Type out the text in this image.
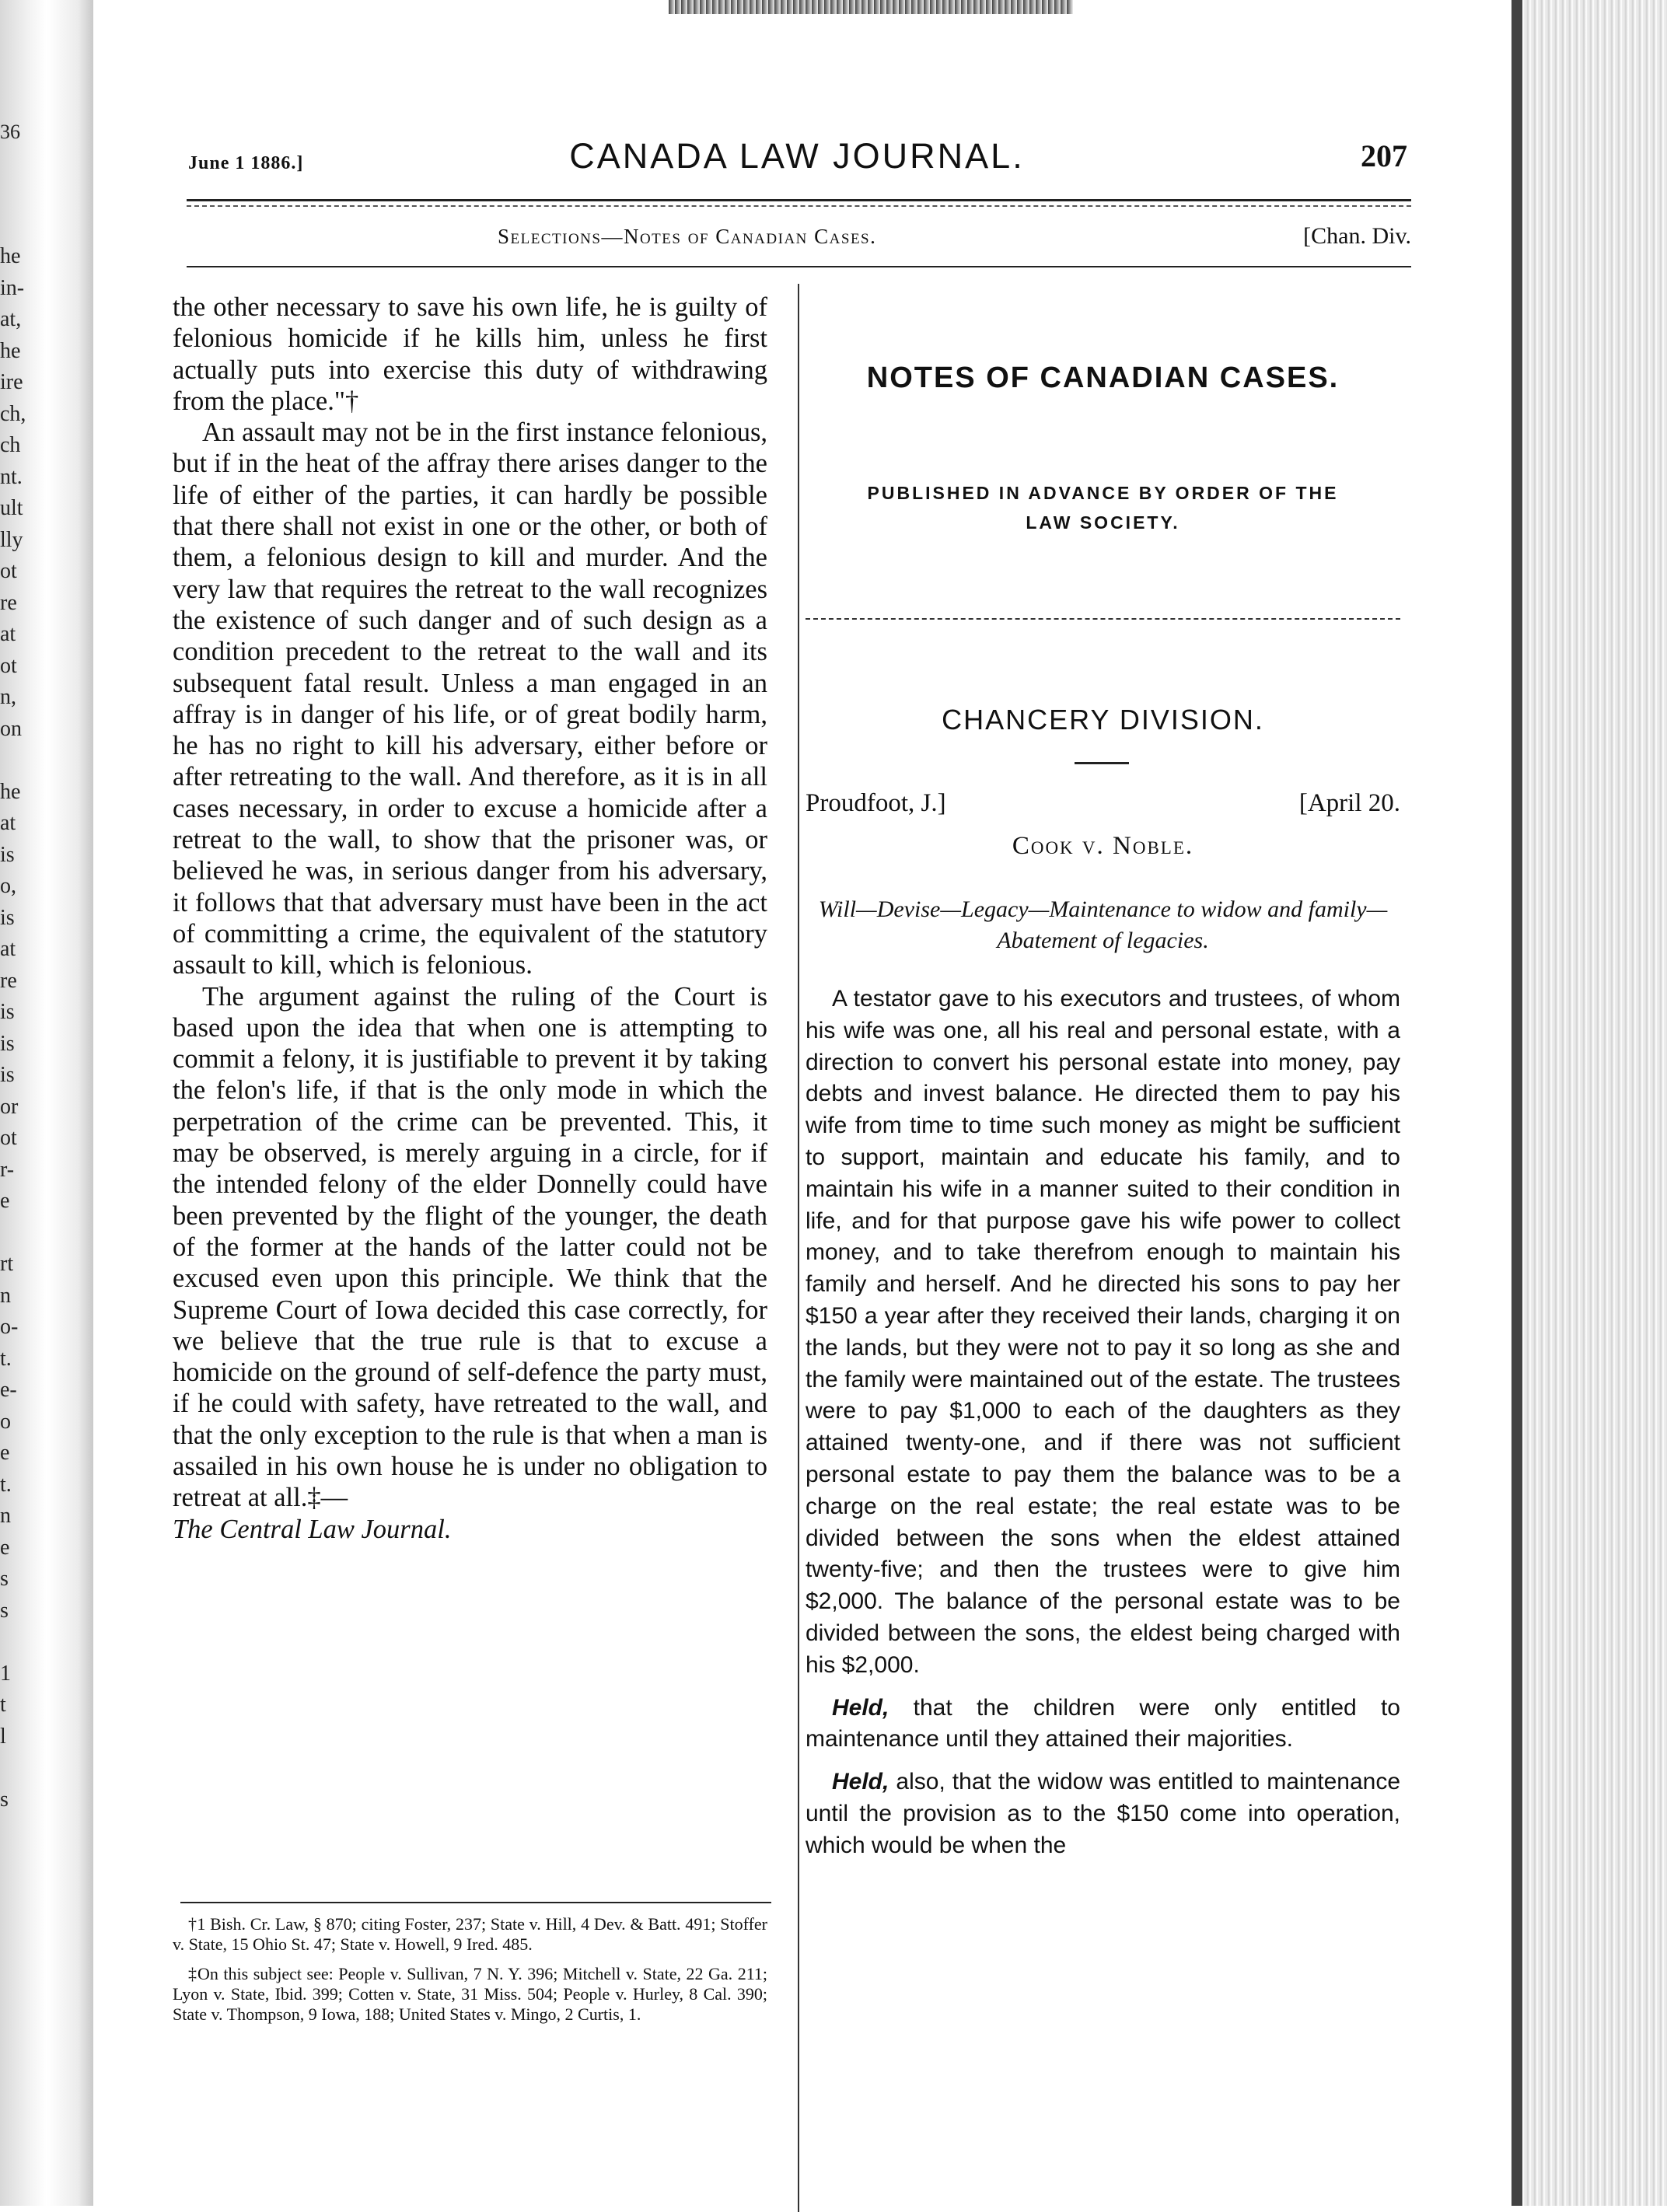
36
he
in-
at,
he
ire
ch,
ch
nt.
ult
lly
ot
re
at
ot
n,
on
he
at
is
o,
is
at
re
is
is
is
or
ot
r-
e
rt
n
o-
t.
e-
o
e
t.
n
e
s
s
1
t
l
s
June 1 1886.]	CANADA LAW JOURNAL.	207
Selections—Notes of Canadian Cases.	[Chan. Div.

the other necessary to save his own life, he is guilty of felonious homicide if he kills him, unless he first actually puts into exercise this duty of withdrawing from the place."†

An assault may not be in the first instance felonious, but if in the heat of the affray there arises danger to the life of either of the parties, it can hardly be possible that there shall not exist in one or the other, or both of them, a felonious design to kill and murder. And the very law that requires the retreat to the wall recognizes the existence of such danger and of such design as a condition precedent to the retreat to the wall and its subsequent fatal result. Unless a man engaged in an affray is in danger of his life, or of great bodily harm, he has no right to kill his adversary, either before or after retreating to the wall. And therefore, as it is in all cases necessary, in order to excuse a homicide after a retreat to the wall, to show that the prisoner was, or believed he was, in serious danger from his adversary, it follows that that adversary must have been in the act of committing a crime, the equivalent of the statutory assault to kill, which is felonious.

The argument against the ruling of the Court is based upon the idea that when one is attempting to commit a felony, it is justifiable to prevent it by taking the felon's life, if that is the only mode in which the perpetration of the crime can be prevented. This, it may be observed, is merely arguing in a circle, for if the intended felony of the elder Donnelly could have been prevented by the flight of the younger, the death of the former at the hands of the latter could not be excused even upon this principle. We think that the Supreme Court of Iowa decided this case correctly, for we believe that the true rule is that to excuse a homicide on the ground of self-defence the party must, if he could with safety, have retreated to the wall, and that the only exception to the rule is that when a man is assailed in his own house he is under no obligation to retreat at all.‡—

The Central Law Journal.

†1 Bish. Cr. Law, § 870; citing Foster, 237; State v. Hill, 4 Dev. & Batt. 491; Stoffer v. State, 15 Ohio St. 47; State v. Howell, 9 Ired. 485.

‡On this subject see: People v. Sullivan, 7 N. Y. 396; Mitchell v. State, 22 Ga. 211; Lyon v. State, Ibid. 399; Cotten v. State, 31 Miss. 504; People v. Hurley, 8 Cal. 390; State v. Thompson, 9 Iowa, 188; United States v. Mingo, 2 Curtis, 1.

NOTES OF CANADIAN CASES.
PUBLISHED IN ADVANCE BY ORDER OF THE
LAW SOCIETY.
CHANCERY DIVISION.
Proudfoot, J.]	[April 20.
Cook v. Noble.
Will—Devise—Legacy—Maintenance to widow and family—Abatement of legacies.

A testator gave to his executors and trustees, of whom his wife was one, all his real and personal estate, with a direction to convert his personal estate into money, pay debts and invest balance. He directed them to pay his wife from time to time such money as might be sufficient to support, maintain and educate his family, and to maintain his wife in a manner suited to their condition in life, and for that purpose gave his wife power to collect money, and to take therefrom enough to maintain his family and herself. And he directed his sons to pay her $150 a year after they received their lands, charging it on the lands, but they were not to pay it so long as she and the family were maintained out of the estate. The trustees were to pay $1,000 to each of the daughters as they attained twenty-one, and if there was not sufficient personal estate to pay them the balance was to be a charge on the real estate; the real estate was to be divided between the sons when the eldest attained twenty-five; and then the trustees were to give him $2,000. The balance of the personal estate was to be divided between the sons, the eldest being charged with his $2,000.

Held, that the children were only entitled to maintenance until they attained their majorities.

Held, also, that the widow was entitled to maintenance until the provision as to the $150 come into operation, which would be when the
